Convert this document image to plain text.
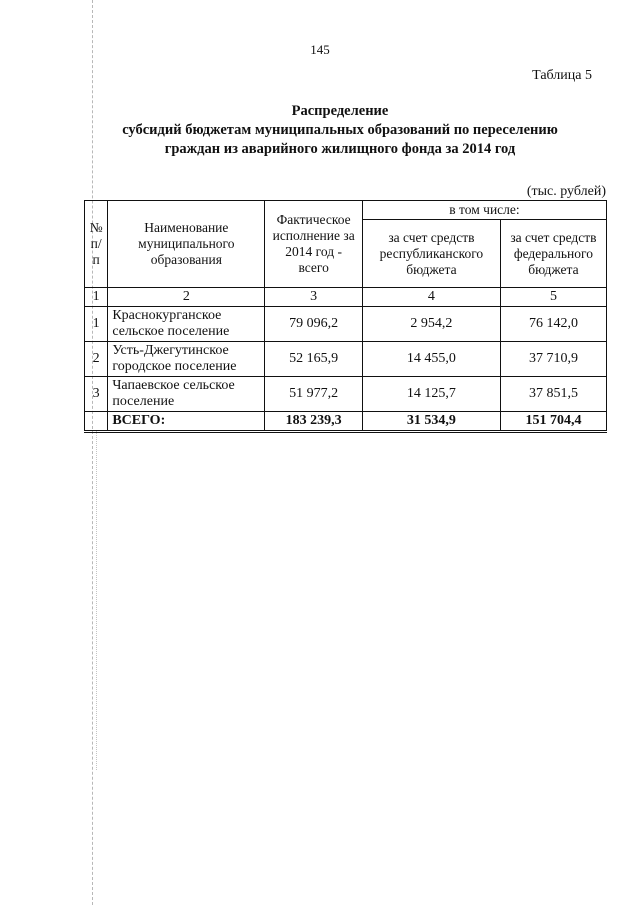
145
Таблица 5
Распределение
субсидий бюджетам муниципальных образований по переселению
граждан из аварийного жилищного фонда за 2014 год
(тыс. рублей)
№ п/п	Наименование муниципального образования	Фактическое исполнение за 2014 год - всего	в том числе:	
			за счет средств республиканского бюджета	за счет средств федерального бюджета
1	2	3	4	5
1	Краснокурганское сельское поселение	79 096,2	2 954,2	76 142,0
2	Усть-Джегутинское городское поселение	52 165,9	14 455,0	37 710,9
3	Чапаевское сельское поселение	51 977,2	14 125,7	37 851,5
	ВСЕГО:	183 239,3	31 534,9	151 704,4
